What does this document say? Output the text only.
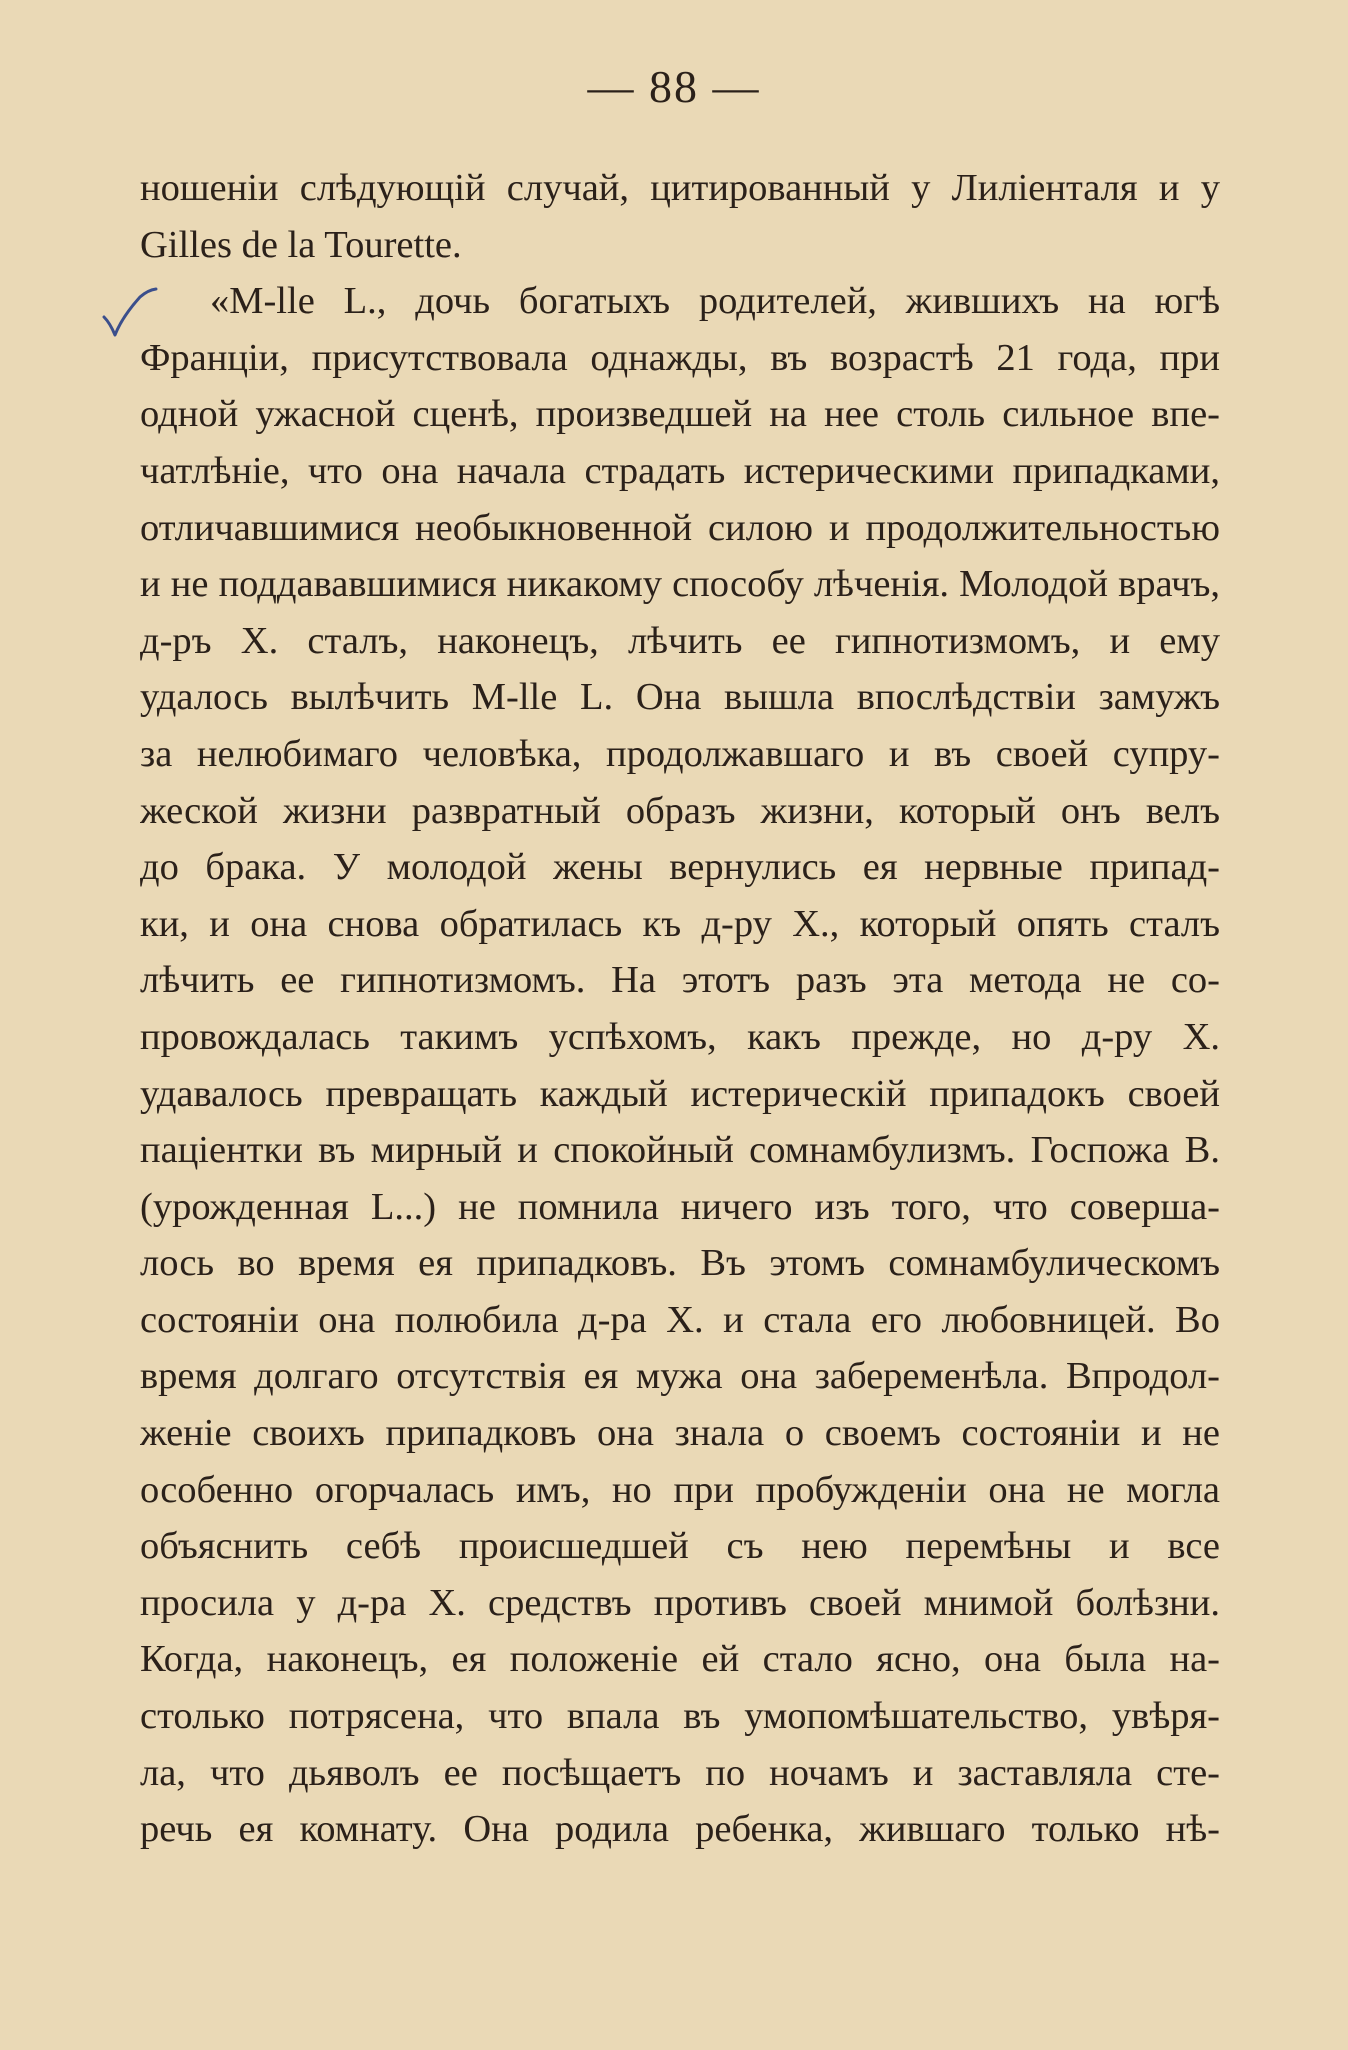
— 88 —
ношеніи слѣдующій случай, цитированный у Лиліенталя и у
Gilles de la Tourette.
«M-lle L., дочь богатыхъ родителей, жившихъ на югѣ
Франціи, присутствовала однажды, въ возрастѣ 21 года, при
одной ужасной сценѣ, произведшей на нее столь сильное впе-
чатлѣніе, что она начала страдать истерическими припадками,
отличавшимися необыкновенной силою и продолжительностью
и не поддававшимися никакому способу лѣченія. Молодой врачъ,
д-ръ X. сталъ, наконецъ, лѣчить ее гипнотизмомъ, и ему
удалось вылѣчить M-lle L. Она вышла впослѣдствіи замужъ
за нелюбимаго человѣка, продолжавшаго и въ своей супру-
жеской жизни развратный образъ жизни, который онъ велъ
до брака. У молодой жены вернулись ея нервные припад-
ки, и она снова обратилась къ д-ру X., который опять сталъ
лѣчить ее гипнотизмомъ. На этотъ разъ эта метода не со-
провождалась такимъ успѣхомъ, какъ прежде, но д-ру X.
удавалось превращать каждый истерическій припадокъ своей
паціентки въ мирный и спокойный сомнамбулизмъ. Госпожа В.
(урожденная L...) не помнила ничего изъ того, что соверша-
лось во время ея припадковъ. Въ этомъ сомнамбулическомъ
состояніи она полюбила д-ра X. и стала его любовницей. Во
время долгаго отсутствія ея мужа она забеременѣла. Впродол-
женіе своихъ припадковъ она знала о своемъ состояніи и не
особенно огорчалась имъ, но при пробужденіи она не могла
объяснить себѣ происшедшей съ нею перемѣны и все
просила у д-ра X. средствъ противъ своей мнимой болѣзни.
Когда, наконецъ, ея положеніе ей стало ясно, она была на-
столько потрясена, что впала въ умопомѣшательство, увѣря-
ла, что дьяволъ ее посѣщаетъ по ночамъ и заставляла сте-
речь ея комнату. Она родила ребенка, жившаго только нѣ-
